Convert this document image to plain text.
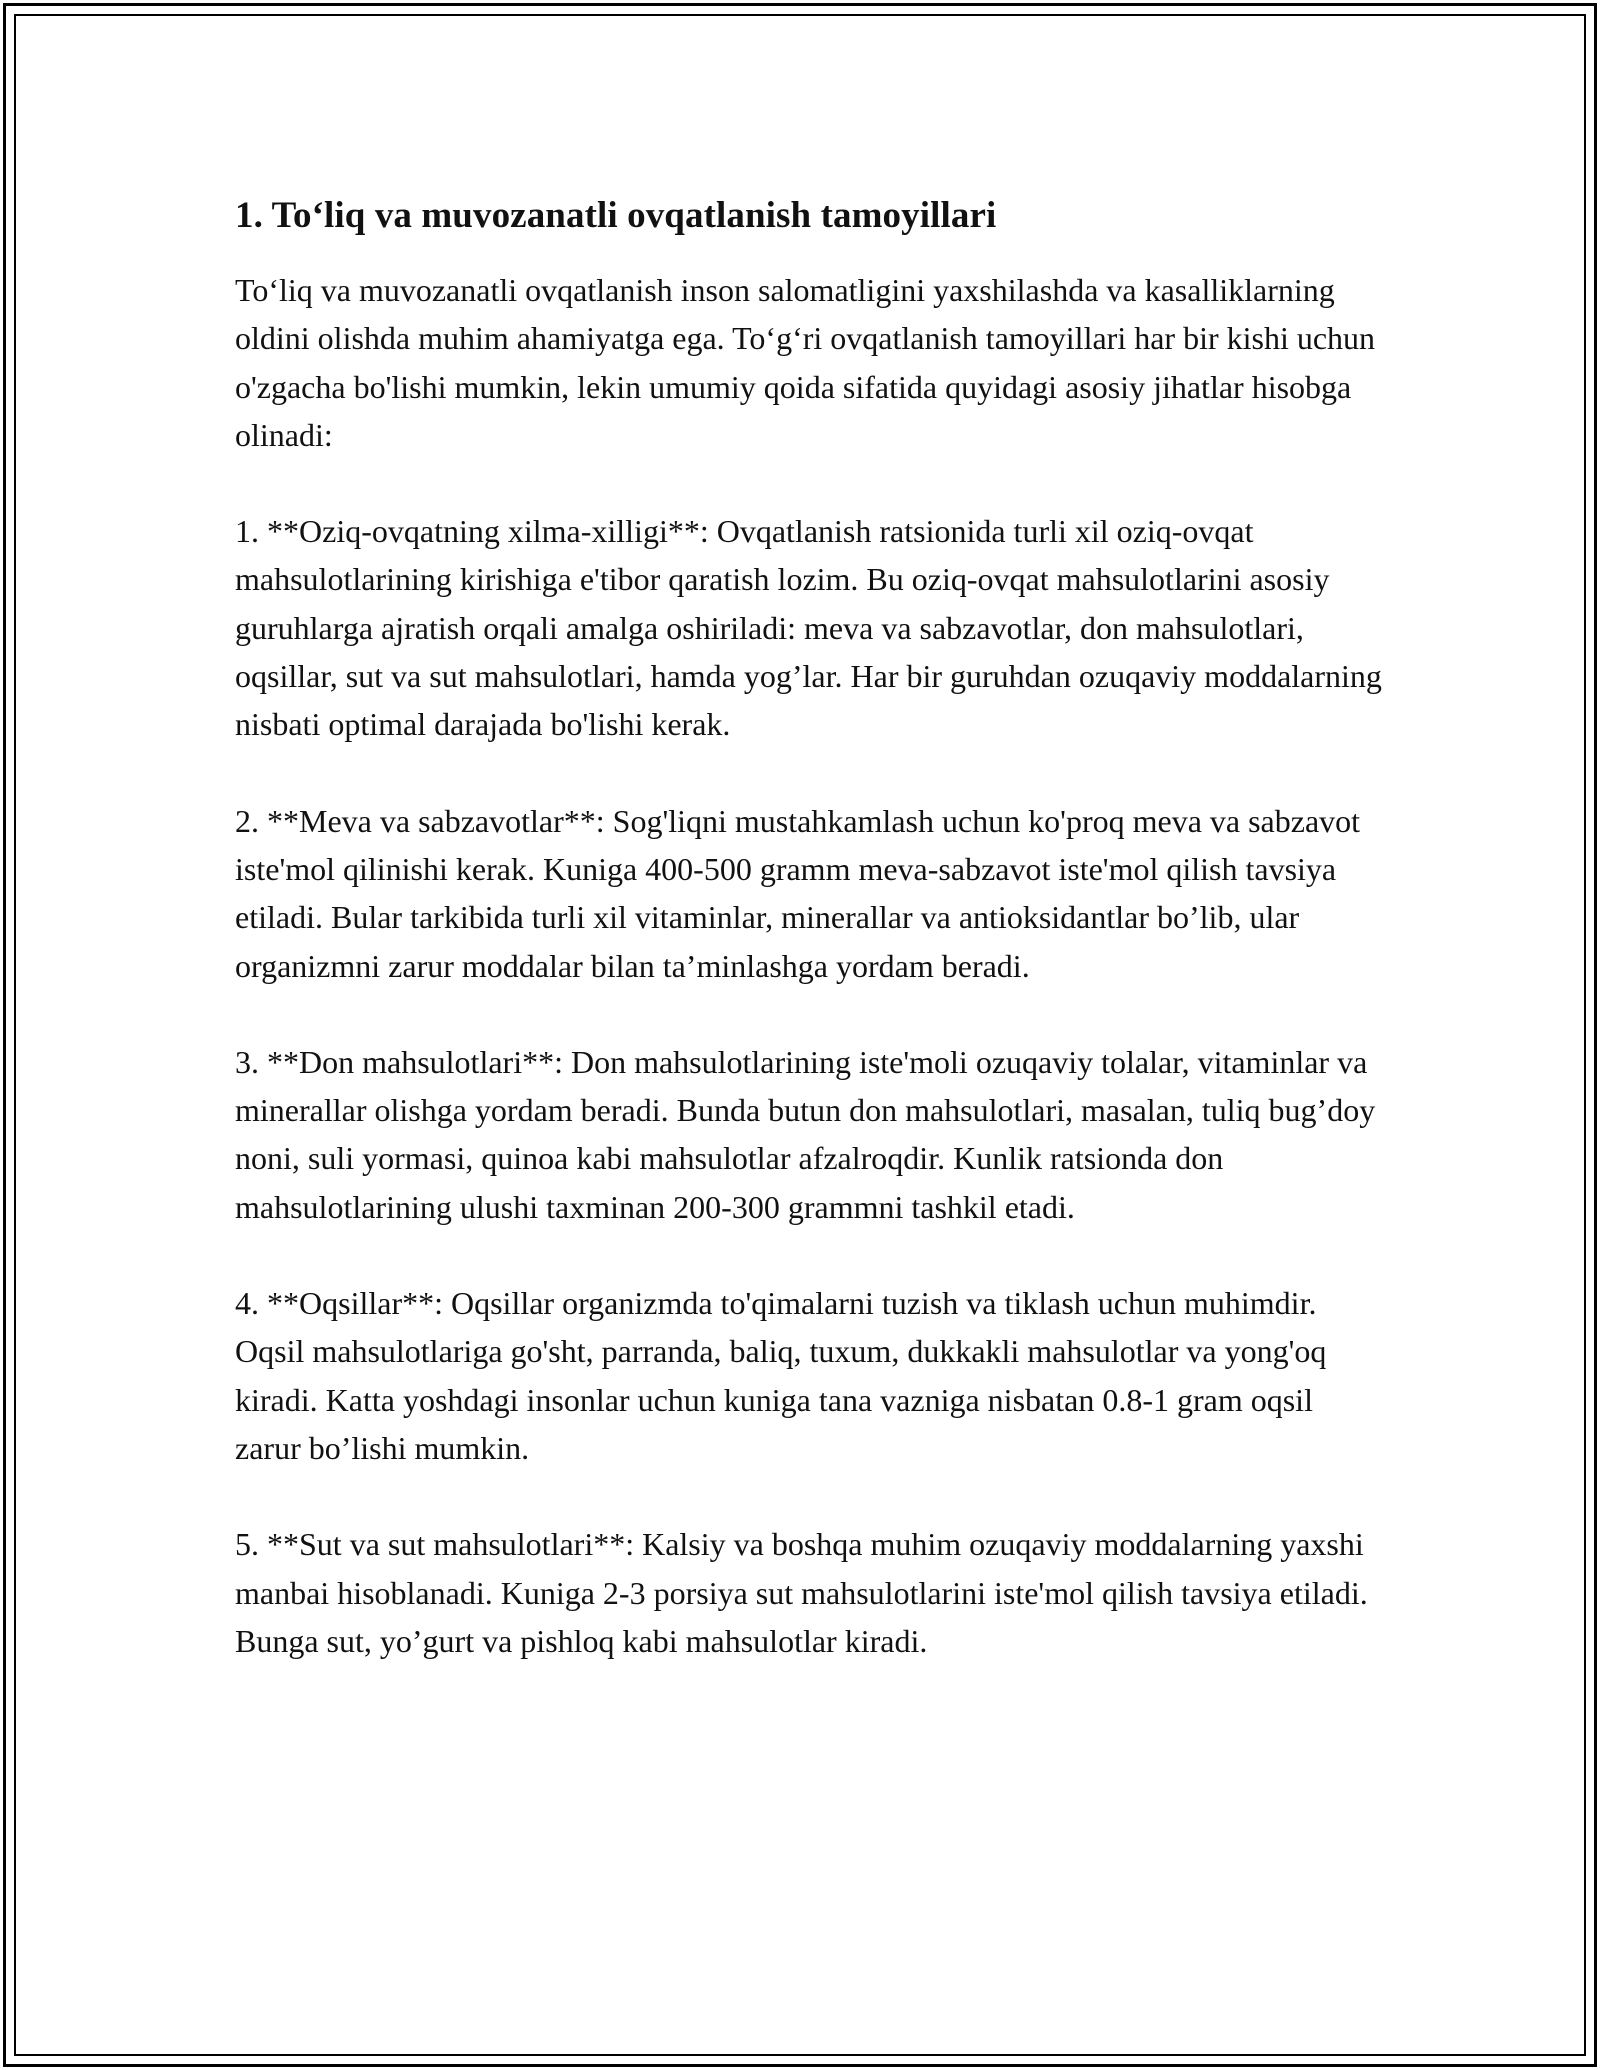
1. To‘liq va muvozanatli ovqatlanish tamoyillari

To‘liq va muvozanatli ovqatlanish inson salomatligini yaxshilashda va kasalliklarning oldini olishda muhim ahamiyatga ega. To‘g‘ri ovqatlanish tamoyillari har bir kishi uchun o'zgacha bo'lishi mumkin, lekin umumiy qoida sifatida quyidagi asosiy jihatlar hisobga olinadi:

1. **Oziq-ovqatning xilma-xilligi**: Ovqatlanish ratsionida turli xil oziq-ovqat mahsulotlarining kirishiga e'tibor qaratish lozim. Bu oziq-ovqat mahsulotlarini asosiy guruhlarga ajratish orqali amalga oshiriladi: meva va sabzavotlar, don mahsulotlari, oqsillar, sut va sut mahsulotlari, hamda yog’lar. Har bir guruhdan ozuqaviy moddalarning nisbati optimal darajada bo'lishi kerak.

2. **Meva va sabzavotlar**: Sog'liqni mustahkamlash uchun ko'proq meva va sabzavot iste'mol qilinishi kerak. Kuniga 400-500 gramm meva-sabzavot iste'mol qilish tavsiya etiladi. Bular tarkibida turli xil vitaminlar, minerallar va antioksidantlar bo’lib, ular organizmni zarur moddalar bilan ta’minlashga yordam beradi.

3. **Don mahsulotlari**: Don mahsulotlarining iste'moli ozuqaviy tolalar, vitaminlar va minerallar olishga yordam beradi. Bunda butun don mahsulotlari, masalan, tuliq bug’doy noni, suli yormasi, quinoa kabi mahsulotlar afzalroqdir. Kunlik ratsionda don mahsulotlarining ulushi taxminan 200-300 grammni tashkil etadi.

4. **Oqsillar**: Oqsillar organizmda to'qimalarni tuzish va tiklash uchun muhimdir. Oqsil mahsulotlariga go'sht, parranda, baliq, tuxum, dukkakli mahsulotlar va yong'oq kiradi. Katta yoshdagi insonlar uchun kuniga tana vazniga nisbatan 0.8-1 gram oqsil zarur bo’lishi mumkin.

5. **Sut va sut mahsulotlari**: Kalsiy va boshqa muhim ozuqaviy moddalarning yaxshi manbai hisoblanadi. Kuniga 2-3 porsiya sut mahsulotlarini iste'mol qilish tavsiya etiladi. Bunga sut, yo’gurt va pishloq kabi mahsulotlar kiradi.
